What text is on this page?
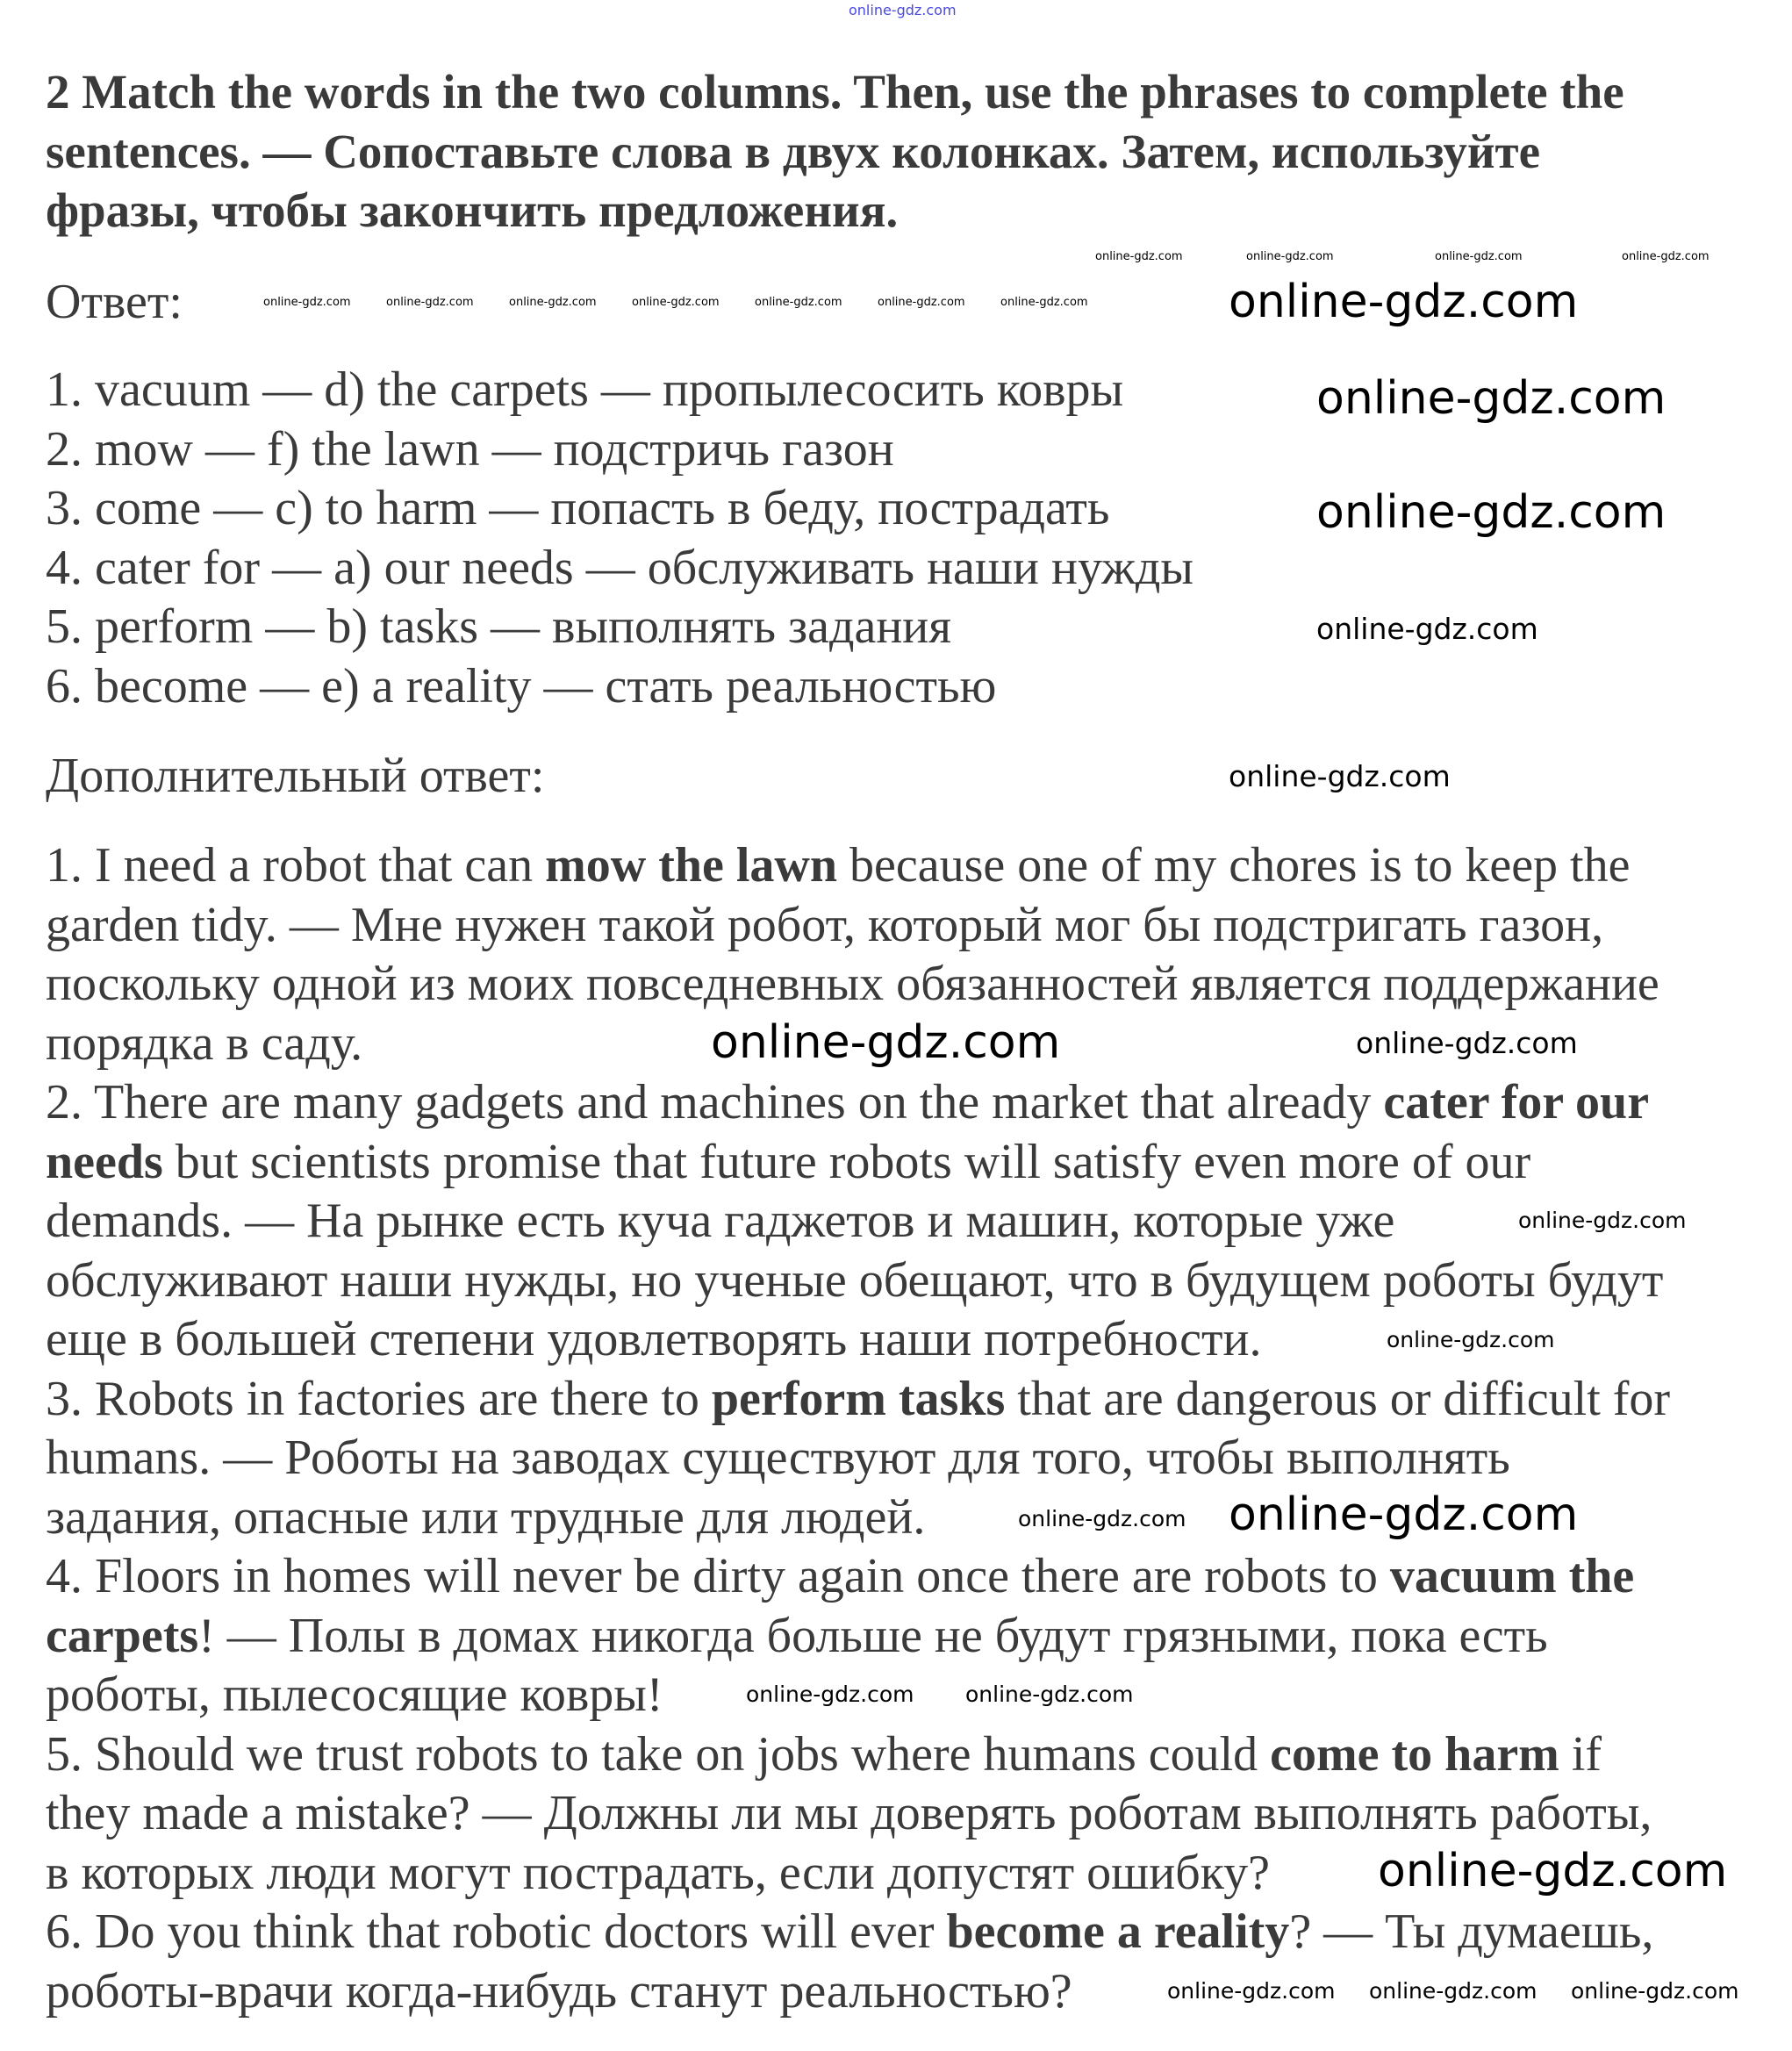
2 Match the words in the two columns. Then, use the phrases to complete the
sentences. — Сопоставьте слова в двух колонках. Затем, используйте
фразы, чтобы закончить предложения.
Ответ:
1. vacuum — d) the carpets — пропылесосить ковры
2. mow — f) the lawn — подстричь газон
3. come — c) to harm — попасть в беду, пострадать
4. cater for — a) our needs — обслуживать наши нужды
5. perform — b) tasks — выполнять задания
6. become — e) a reality — стать реальностью
Дополнительный ответ:
1. I need a robot that can mow the lawn because one of my chores is to keep the
garden tidy. — Мне нужен такой робот, который мог бы подстригать газон,
поскольку одной из моих повседневных обязанностей является поддержание
порядка в саду.
2. There are many gadgets and machines on the market that already cater for our
needs but scientists promise that future robots will satisfy even more of our
demands. — На рынке есть куча гаджетов и машин, которые уже
обслуживают наши нужды, но ученые обещают, что в будущем роботы будут
еще в большей степени удовлетворять наши потребности.
3. Robots in factories are there to perform tasks that are dangerous or difficult for
humans. — Роботы на заводах существуют для того, чтобы выполнять
задания, опасные или трудные для людей.
4. Floors in homes will never be dirty again once there are robots to vacuum the
carpets! — Полы в домах никогда больше не будут грязными, пока есть
роботы, пылесосящие ковры!
5. Should we trust robots to take on jobs where humans could come to harm if
they made a mistake? — Должны ли мы доверять роботам выполнять работы,
в которых люди могут пострадать, если допустят ошибку?
6. Do you think that robotic doctors will ever become a reality? — Ты думаешь,
роботы-врачи когда-нибудь станут реальностью?
online-gdz.com
online-gdz.com	online-gdz.com	online-gdz.com	online-gdz.com
online-gdz.com	online-gdz.com	online-gdz.com	online-gdz.com	online-gdz.com	online-gdz.com	online-gdz.com	online-gdz.com
online-gdz.com
online-gdz.com
online-gdz.com
online-gdz.com
online-gdz.com	online-gdz.com
online-gdz.com
online-gdz.com
online-gdz.com online-gdz.com
online-gdz.com online-gdz.com
online-gdz.com online-gdz.com online-gdz.com
online-gdz.com
